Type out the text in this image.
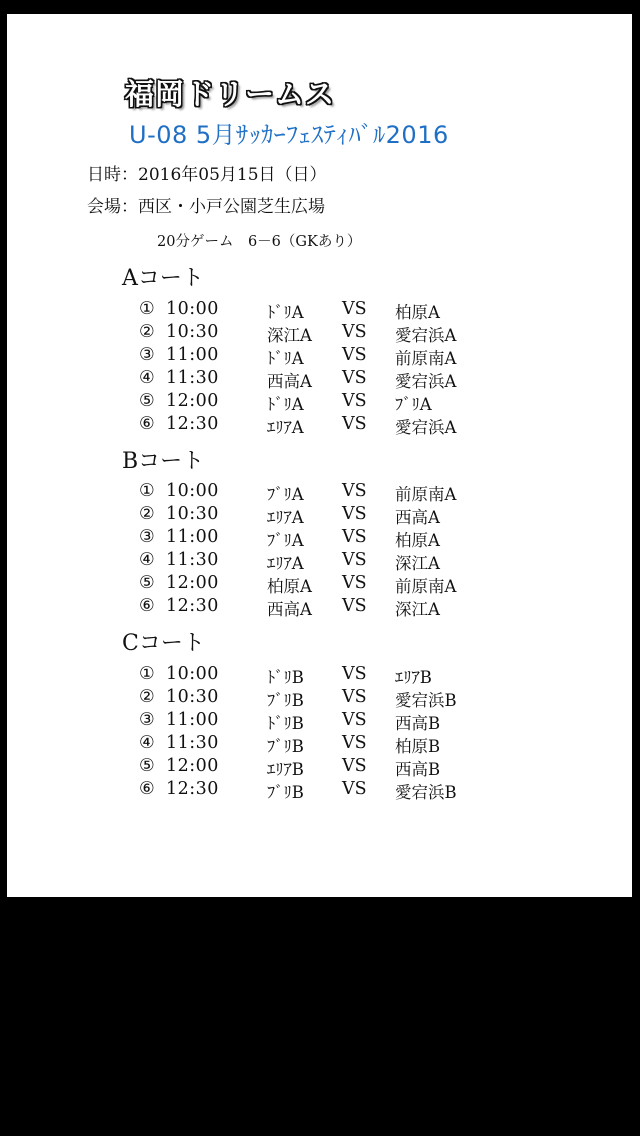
福岡ドリームス
U-08 5月ｻｯｶｰﾌｪｽﾃｨﾊﾞﾙ2016
日時：2016年05月15日（日）
会場：西区・小戸公園芝生広場
20分ゲーム　6－6（GKあり）
Aコート
① 10:00	ﾄﾞﾘA VS 柏原A
② 10:30	深江A VS 愛宕浜A
③ 11:00	ﾄﾞﾘA VS 前原南A
④ 11:30	西高A VS 愛宕浜A
⑤ 12:00	ﾄﾞﾘA VS ﾌﾞﾘA
⑥ 12:30	ｴﾘｱA VS 愛宕浜A
Bコート
① 10:00	ﾌﾞﾘA VS 前原南A
② 10:30	ｴﾘｱA VS 西高A
③ 11:00	ﾌﾞﾘA VS 柏原A
④ 11:30	ｴﾘｱA VS 深江A
⑤ 12:00	柏原A VS 前原南A
⑥ 12:30	西高A VS 深江A
Cコート
① 10:00	ﾄﾞﾘB VS ｴﾘｱB
② 10:30	ﾌﾞﾘB VS 愛宕浜B
③ 11:00	ﾄﾞﾘB VS 西高B
④ 11:30	ﾌﾞﾘB VS 柏原B
⑤ 12:00	ｴﾘｱB VS 西高B
⑥ 12:30	ﾌﾞﾘB VS 愛宕浜B
